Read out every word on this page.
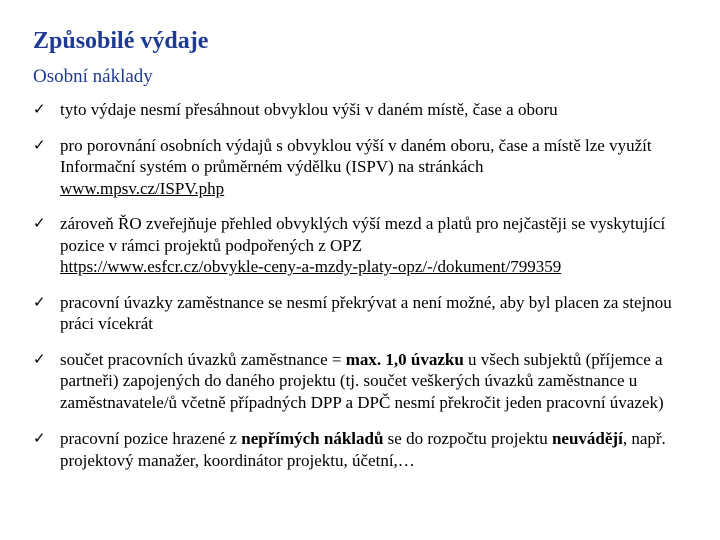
Způsobilé výdaje
Osobní náklady
✓ tyto výdaje nesmí přesáhnout obvyklou výši v daném místě, čase a oboru
✓ pro porovnání osobních výdajů s obvyklou výší v daném oboru, čase a místě lze využít Informační systém o průměrném výdělku (ISPV) na stránkách
www.mpsv.cz/ISPV.php
✓ zároveň ŘO zveřejňuje přehled obvyklých výší mezd a platů pro nejčastěji se vyskytující pozice v rámci projektů podpořených z OPZ
https://www.esfcr.cz/obvykle-ceny-a-mzdy-platy-opz/-/dokument/799359
✓ pracovní úvazky zaměstnance se nesmí překrývat a není možné, aby byl placen za stejnou práci vícekrát
✓ součet pracovních úvazků zaměstnance = max. 1,0 úvazku u všech subjektů (příjemce a partneři) zapojených do daného projektu (tj. součet veškerých úvazků zaměstnance u zaměstnavatele/ů včetně případných DPP a DPČ nesmí překročit jeden pracovní úvazek)
✓ pracovní pozice hrazené z nepřímých nákladů se do rozpočtu projektu neuvádějí, např. projektový manažer, koordinátor projektu, účetní,…
